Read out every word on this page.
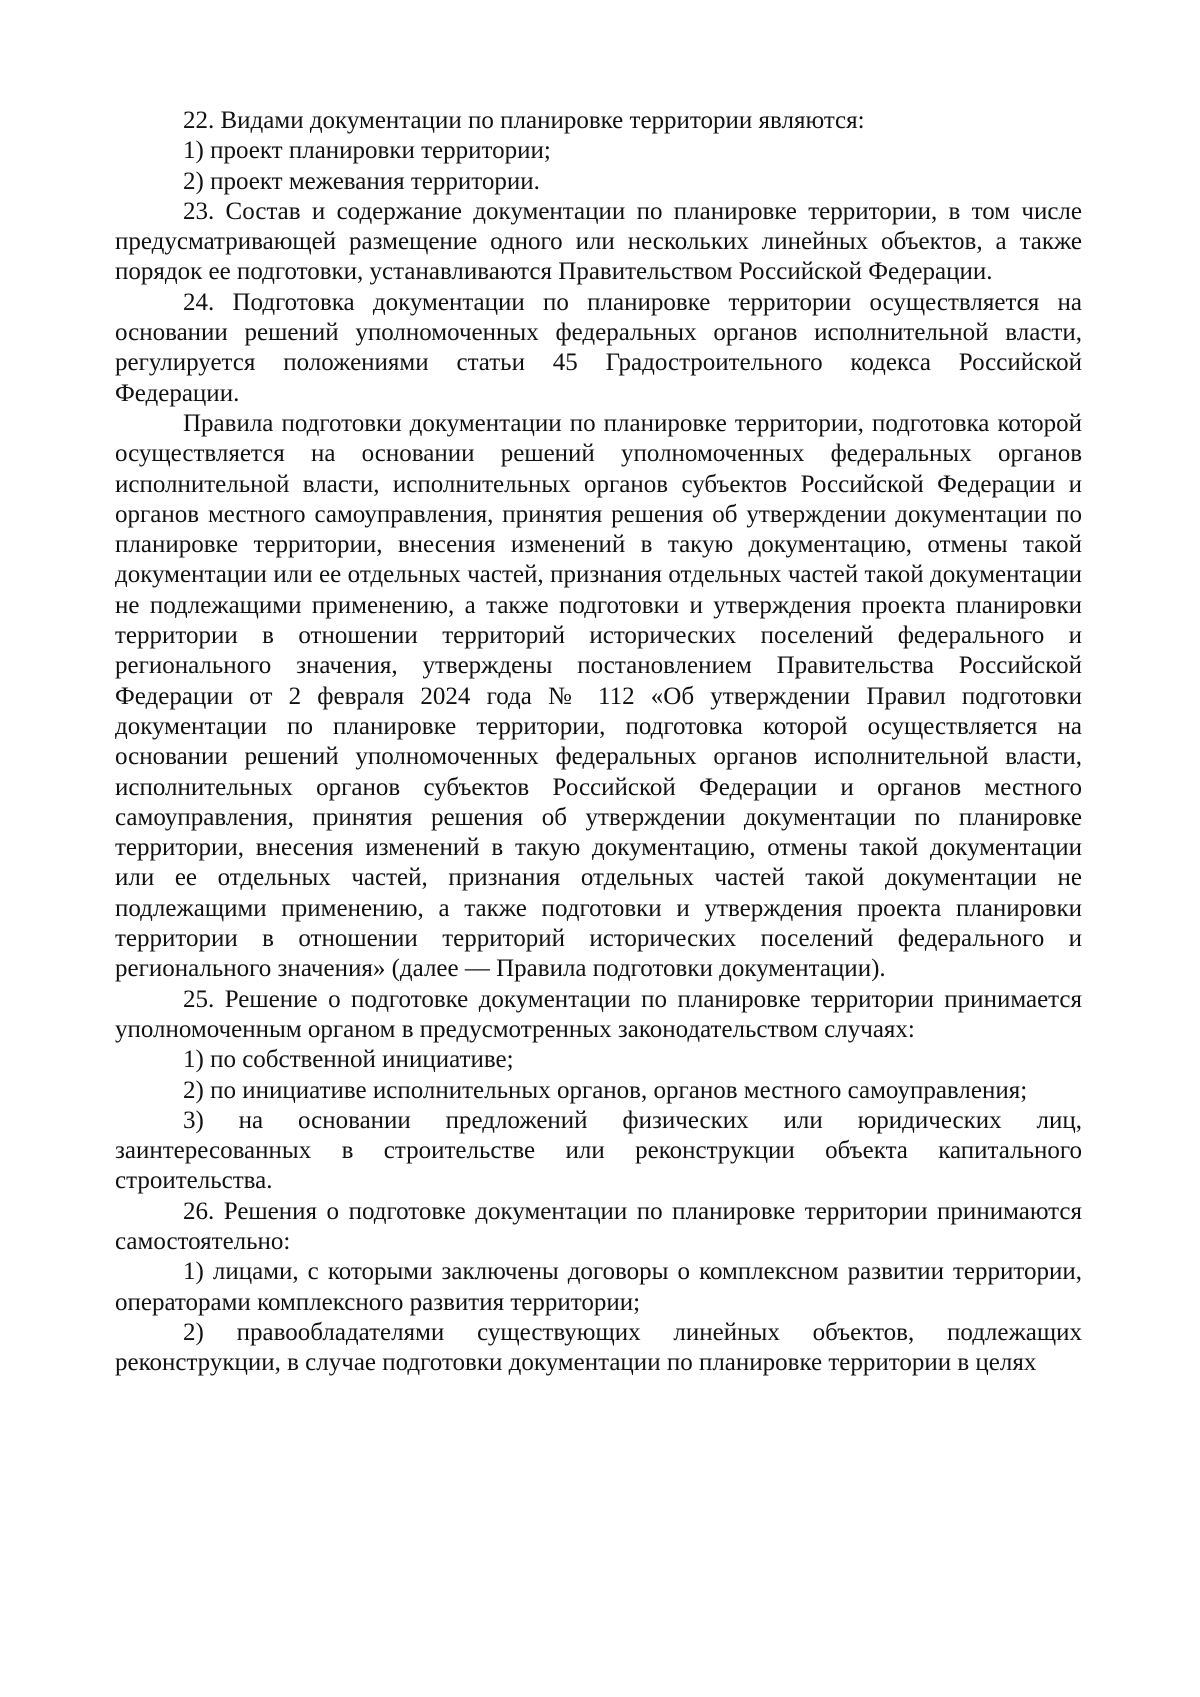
22. Видами документации по планировке территории являются:

1) проект планировки территории;

2) проект межевания территории.

23. Состав и содержание документации по планировке территории, в том числе предусматривающей размещение одного или нескольких линейных объектов, а также порядок ее подготовки, устанавливаются Правительством Российской Федерации.

24. Подготовка документации по планировке территории осуществляется на основании решений уполномоченных федеральных органов исполнительной власти, регулируется положениями статьи 45 Градостроительного кодекса Российской Федерации.

Правила подготовки документации по планировке территории, подготовка которой осуществляется на основании решений уполномоченных федеральных органов исполнительной власти, исполнительных органов субъектов Российской Федерации и органов местного самоуправления, принятия решения об утверждении документации по планировке территории, внесения изменений в такую документацию, отмены такой документации или ее отдельных частей, признания отдельных частей такой документации не подлежащими применению, а также подготовки и утверждения проекта планировки территории в отношении территорий исторических поселений федерального и регионального значения, утверждены постановлением Правительства Российской Федерации от 2 февраля 2024 года № 112 «Об утверждении Правил подготовки документации по планировке территории, подготовка которой осуществляется на основании решений уполномоченных федеральных органов исполнительной власти, исполнительных органов субъектов Российской Федерации и органов местного самоуправления, принятия решения об утверждении документации по планировке территории, внесения изменений в такую документацию, отмены такой документации или ее отдельных частей, признания отдельных частей такой документации не подлежащими применению, а также подготовки и утверждения проекта планировки территории в отношении территорий исторических поселений федерального и регионального значения» (далее — Правила подготовки документации).

25. Решение о подготовке документации по планировке территории принимается уполномоченным органом в предусмотренных законодательством случаях:

1) по собственной инициативе;

2) по инициативе исполнительных органов, органов местного самоуправления;

3) на основании предложений физических или юридических лиц, заинтересованных в строительстве или реконструкции объекта капитального строительства.

26. Решения о подготовке документации по планировке территории принимаются самостоятельно:

1) лицами, с которыми заключены договоры о комплексном развитии территории, операторами комплексного развития территории;

2) правообладателями существующих линейных объектов, подлежащих реконструкции, в случае подготовки документации по планировке территории в целях
